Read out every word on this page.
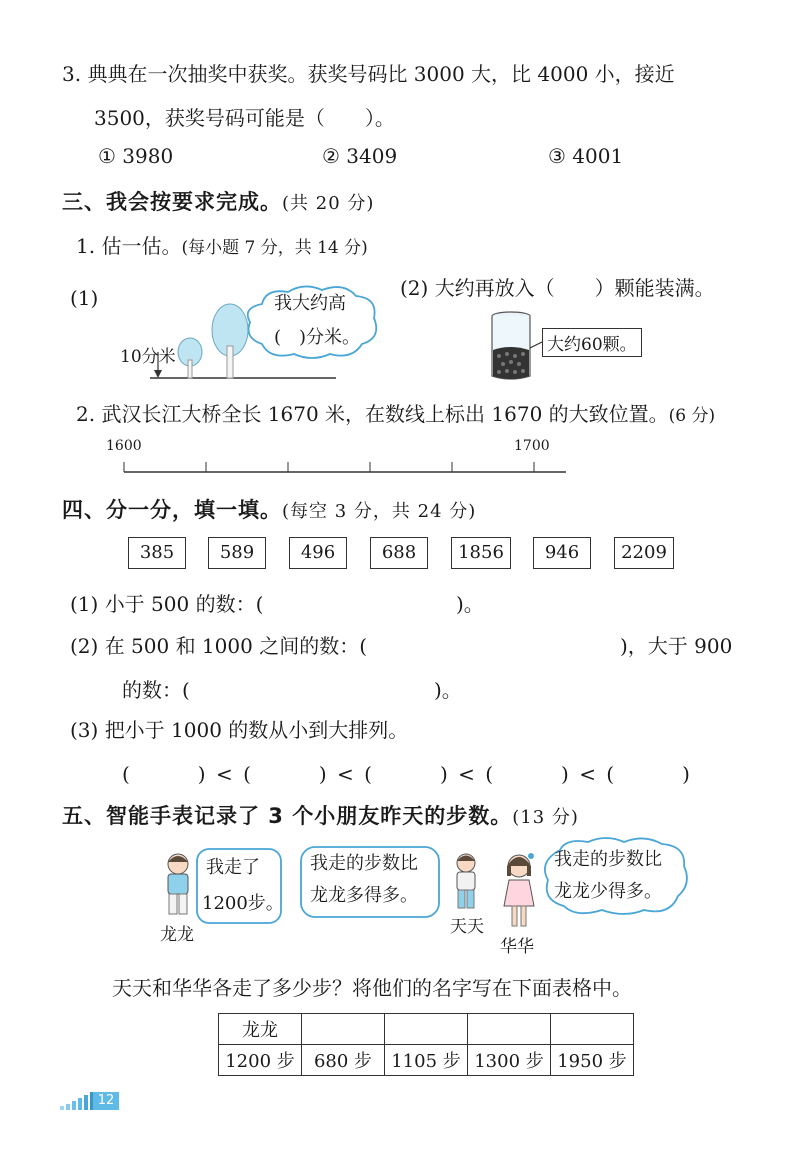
3. 典典在一次抽奖中获奖。获奖号码比 3000 大，比 4000 小，接近
3500，获奖号码可能是（　　）。
① 3980	② 3409	③ 4001
三、我会按要求完成。(共 20 分)
1. 估一估。(每小题 7 分，共 14 分)
(1)
10分米
我大约高
(　)分米。
(2) 大约再放入（　　）颗能装满。
大约60颗。
2. 武汉长江大桥全长 1670 米，在数线上标出 1670 的大致位置。(6 分)
1600	1700
四、分一分，填一填。(每空 3 分，共 24 分)
385	589	496	688	1856	946	2209
(1) 小于 500 的数：(	)。
(2) 在 500 和 1000 之间的数：(	)，大于 900
的数：(	)。
(3) 把小于 1000 的数从小到大排列。
(　　　) < (　　　) < (　　　) < (　　　) < (　　　)
五、智能手表记录了 3 个小朋友昨天的步数。(13 分)
龙龙
我走了
1200步。
我走的步数比
龙龙多得多。
天天
华华
我走的步数比
龙龙少得多。
天天和华华各走了多少步？将他们的名字写在下面表格中。
龙龙				
1200 步	680 步	1105 步	1300 步	1950 步
12
